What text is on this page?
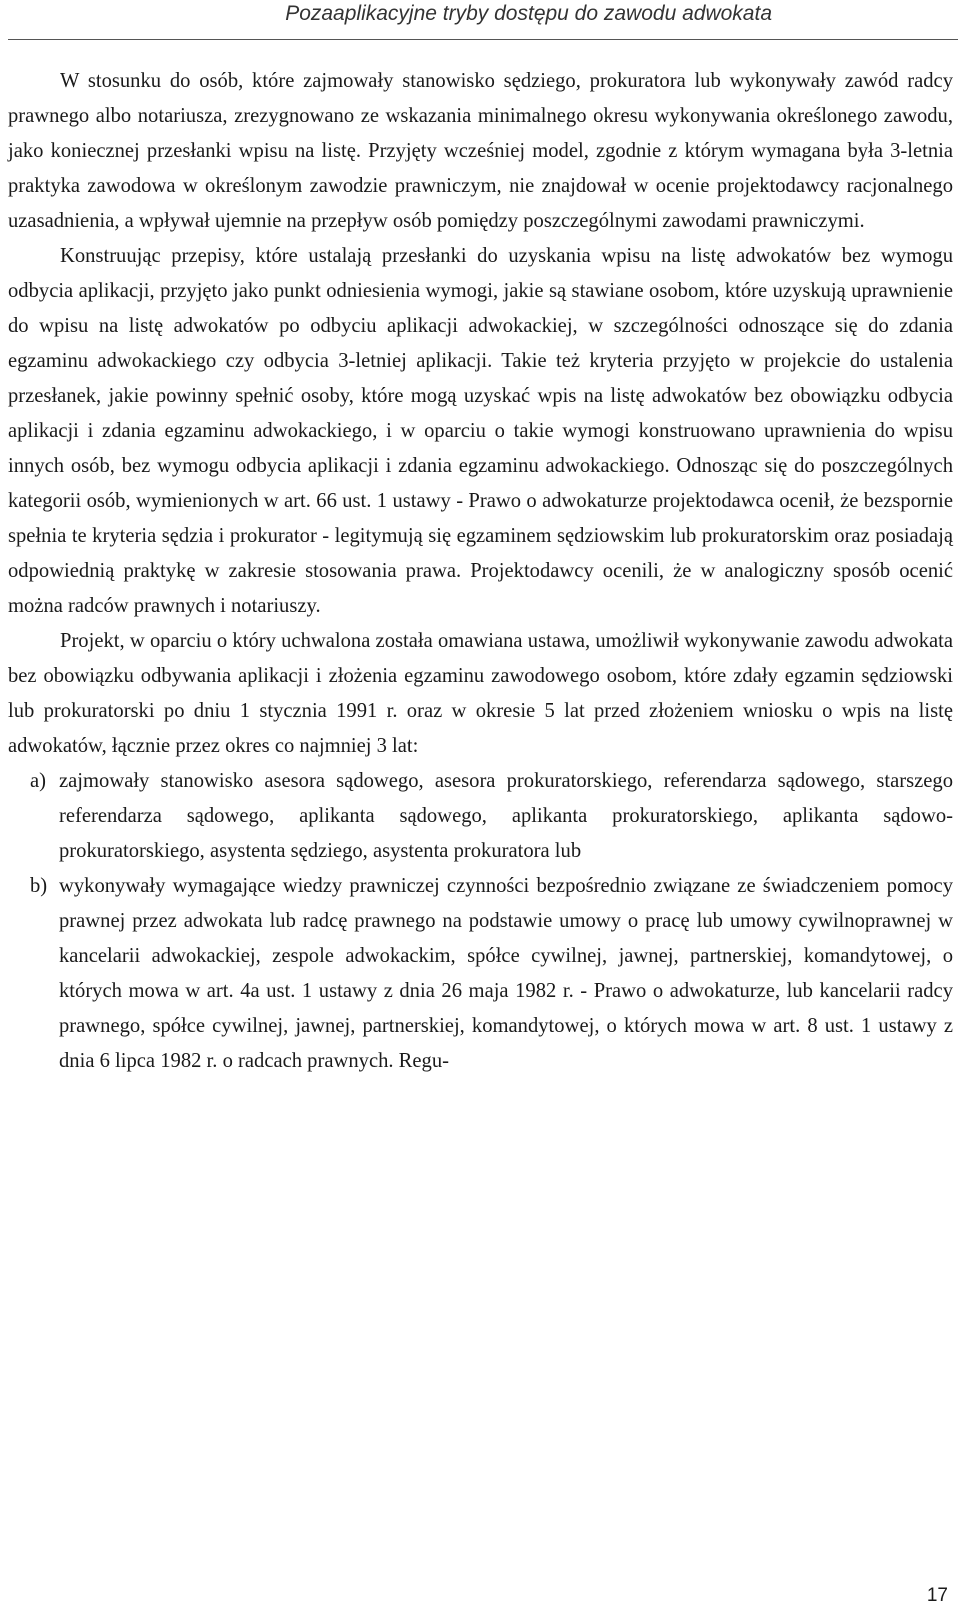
Pozaaplikacyjne tryby dostępu do zawodu adwokata

W stosunku do osób, które zajmowały stanowisko sędziego, prokuratora lub wykonywały zawód radcy prawnego albo notariusza, zrezygnowano ze wskazania minimalnego okresu wykonywania określonego zawodu, jako koniecznej przesłanki wpisu na listę. Przyjęty wcześniej model, zgodnie z którym wymagana była 3-letnia praktyka zawodowa w określonym zawodzie prawniczym, nie znajdował w ocenie projektodawcy racjonalnego uzasadnienia, a wpływał ujemnie na przepływ osób pomiędzy poszczególnymi zawodami prawniczymi.

Konstruując przepisy, które ustalają przesłanki do uzyskania wpisu na listę adwokatów bez wymogu odbycia aplikacji, przyjęto jako punkt odniesienia wymogi, jakie są stawiane osobom, które uzyskują uprawnienie do wpisu na listę adwokatów po odbyciu aplikacji adwokackiej, w szczególności odnoszące się do zdania egzaminu adwokackiego czy odbycia 3-letniej aplikacji. Takie też kryteria przyjęto w projekcie do ustalenia przesłanek, jakie powinny spełnić osoby, które mogą uzyskać wpis na listę adwokatów bez obowiązku odbycia aplikacji i zdania egzaminu adwokackiego, i w oparciu o takie wymogi konstruowano uprawnienia do wpisu innych osób, bez wymogu odbycia aplikacji i zdania egzaminu adwokackiego. Odnosząc się do poszczególnych kategorii osób, wymienionych w art. 66 ust. 1 ustawy - Prawo o adwokaturze projektodawca ocenił, że bezspornie spełnia te kryteria sędzia i prokurator - legitymują się egzaminem sędziowskim lub prokuratorskim oraz posiadają odpowiednią praktykę w zakresie stosowania prawa. Projektodawcy ocenili, że w analogiczny sposób ocenić można radców prawnych i notariuszy.

Projekt, w oparciu o który uchwalona została omawiana ustawa, umożliwił wykonywanie zawodu adwokata bez obowiązku odbywania aplikacji i złożenia egzaminu zawodowego osobom, które zdały egzamin sędziowski lub prokuratorski po dniu 1 stycznia 1991 r. oraz w okresie 5 lat przed złożeniem wniosku o wpis na listę adwokatów, łącznie przez okres co najmniej 3 lat:

a) zajmowały stanowisko asesora sądowego, asesora prokuratorskiego, referendarza sądowego, starszego referendarza sądowego, aplikanta sądowego, aplikanta prokuratorskiego, aplikanta sądowo-prokuratorskiego, asystenta sędziego, asystenta prokuratora lub
b) wykonywały wymagające wiedzy prawniczej czynności bezpośrednio związane ze świadczeniem pomocy prawnej przez adwokata lub radcę prawnego na podstawie umowy o pracę lub umowy cywilnoprawnej w kancelarii adwokackiej, zespole adwokackim, spółce cywilnej, jawnej, partnerskiej, komandytowej, o których mowa w art. 4a ust. 1 ustawy z dnia 26 maja 1982 r. - Prawo o adwokaturze, lub kancelarii radcy prawnego, spółce cywilnej, jawnej, partnerskiej, komandytowej, o których mowa w art. 8 ust. 1 ustawy z dnia 6 lipca 1982 r. o radcach prawnych. Regu-
17
